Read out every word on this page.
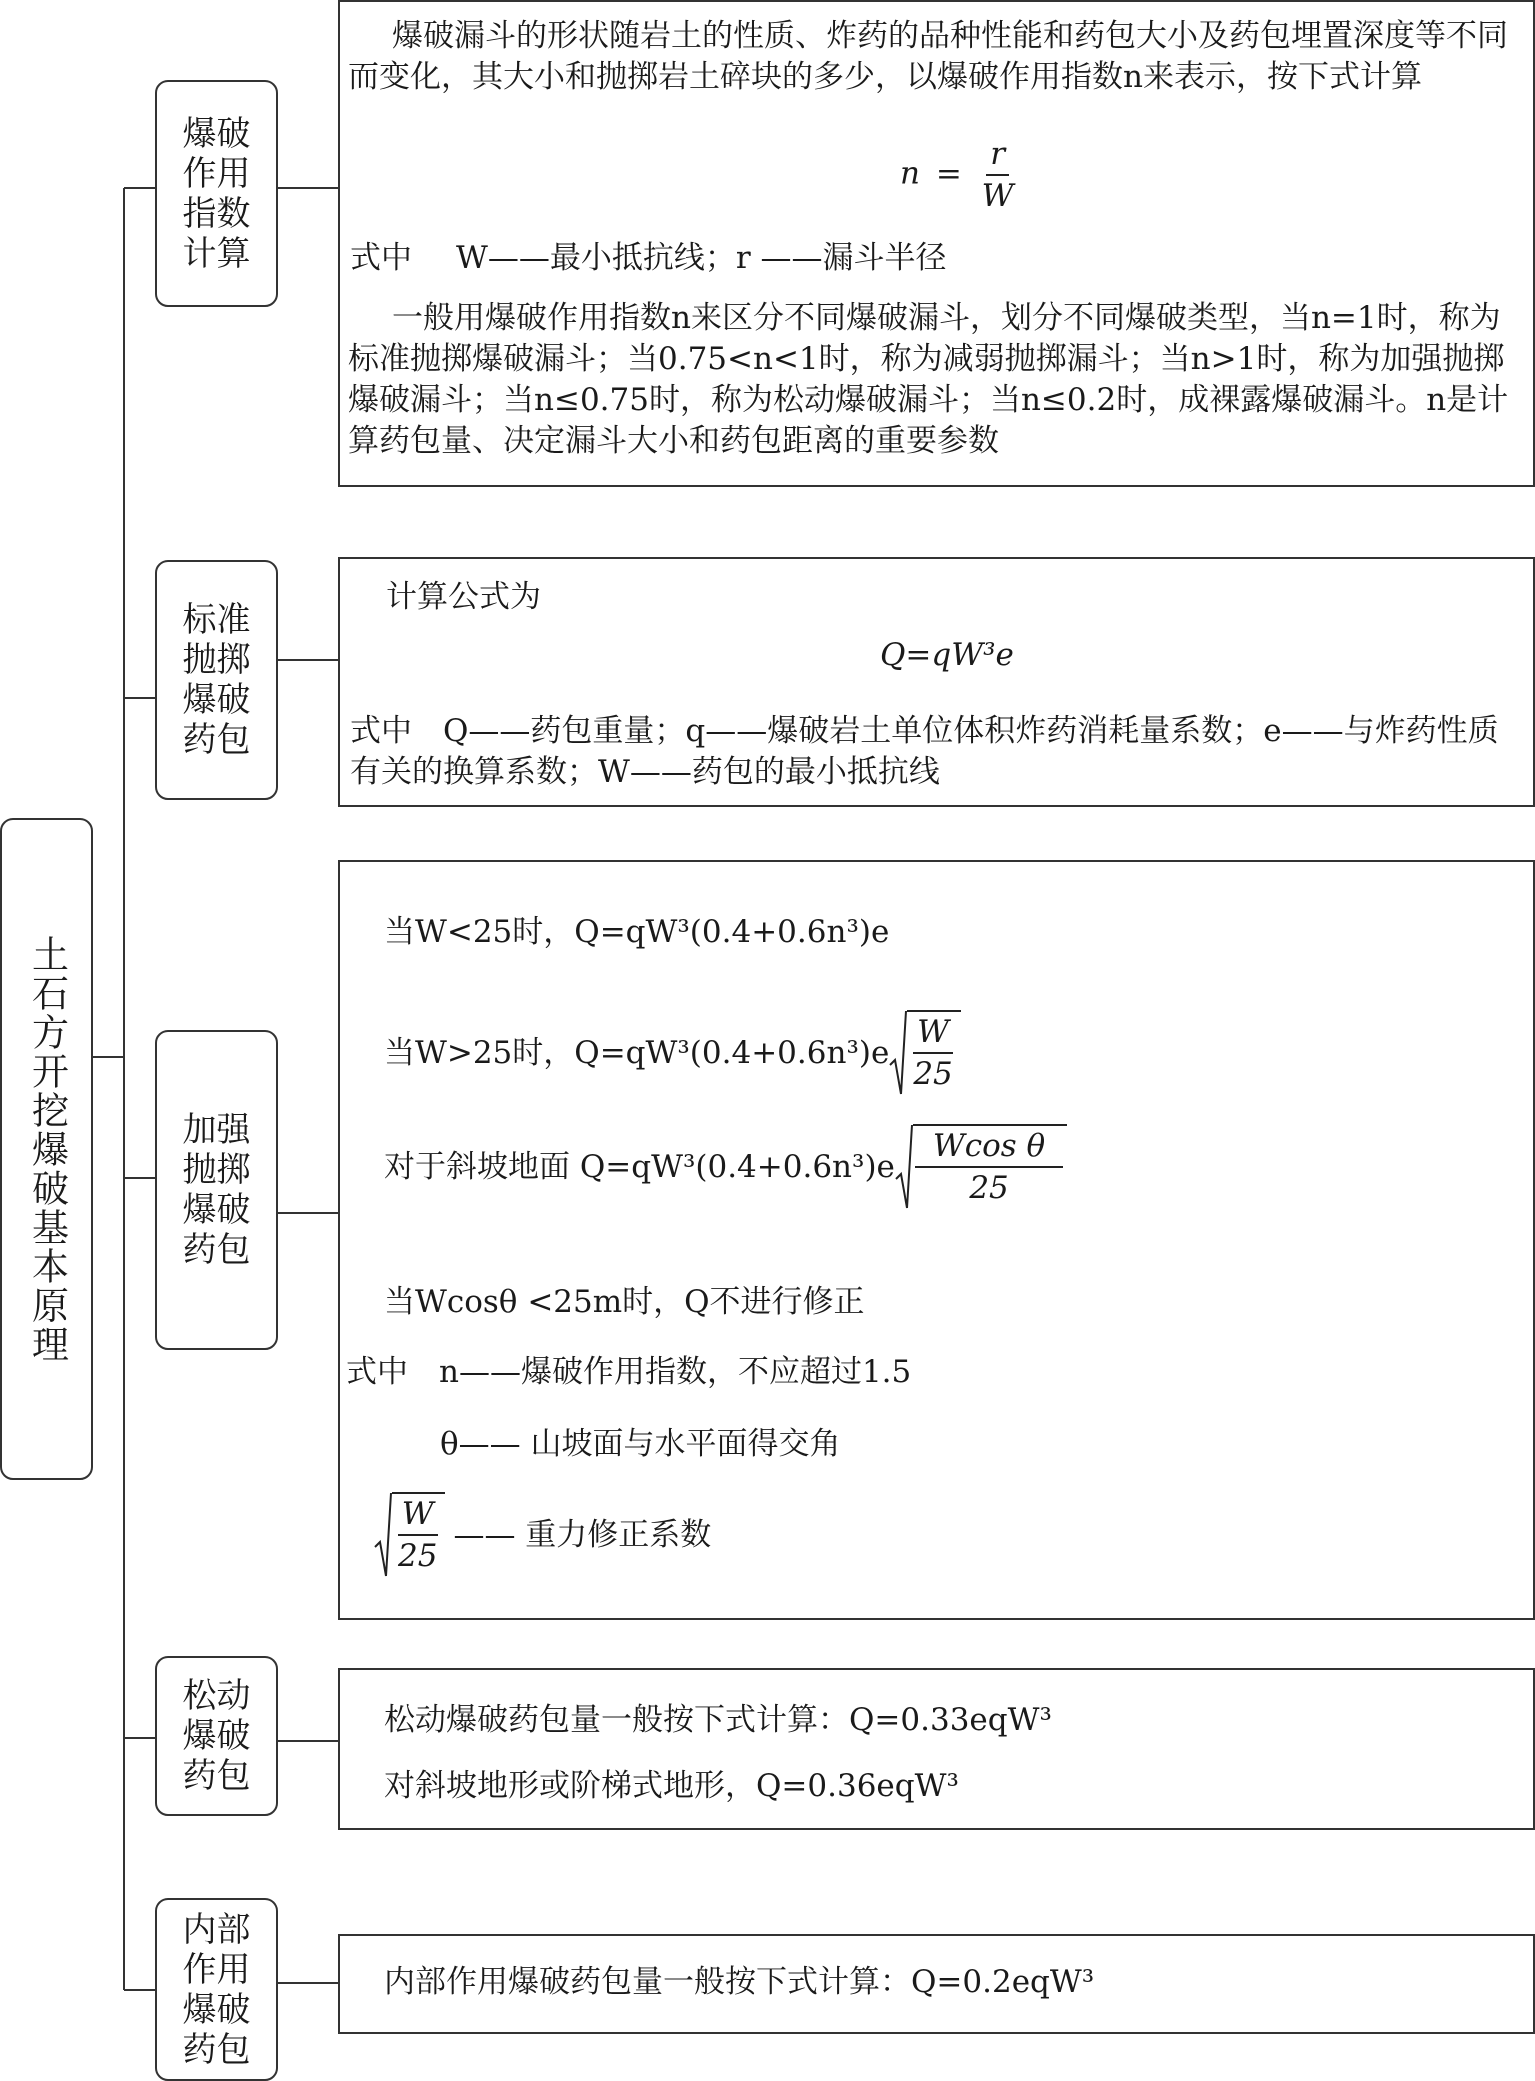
土石方开挖爆破基本原理
爆破作用指数计算
标准抛掷爆破药包
加强抛掷爆破药包
松动爆破药包
内部作用爆破药包
爆破漏斗的形状随岩土的性质、炸药的品种性能和药包大小及药包埋置深度等不同而变化，其大小和抛掷岩土碎块的多少，以爆破作用指数n来表示，按下式计算
$n = \frac{r}{W}$
式中 W——最小抵抗线；r ——漏斗半径
一般用爆破作用指数n来区分不同爆破漏斗，划分不同爆破类型，当n=1时，称为标准抛掷爆破漏斗；当0.75<n<1时，称为减弱抛掷漏斗；当n>1时，称为加强抛掷爆破漏斗；当n≤0.75时，称为松动爆破漏斗；当n≤0.2时，成裸露爆破漏斗。n是计算药包量、决定漏斗大小和药包距离的重要参数
计算公式为
Q=qW³e
式中　Q——药包重量；q——爆破岩土单位体积炸药消耗量系数；e——与炸药性质有关的换算系数；W——药包的最小抵抗线
当W<25时，Q=qW³(0.4+0.6n³)e
当W>25时，$Q=qW^3(0.4+0.6n^3)e \frac{W}{25}$
对于斜坡地面 $Q=qW^3(0.4+0.6n^3)e \frac{\text{Wcos θ}}{25}$
当Wcosθ <25m时，Q不进行修正
式中　n——爆破作用指数，不应超过1.5
θ—— 山坡面与水平面得交角
$\frac{W}{25}$ —— 重力修正系数
松动爆破药包量一般按下式计算：Q=0.33eqW³
对斜坡地形或阶梯式地形，Q=0.36eqW³
内部作用爆破药包量一般按下式计算：Q=0.2eqW³
